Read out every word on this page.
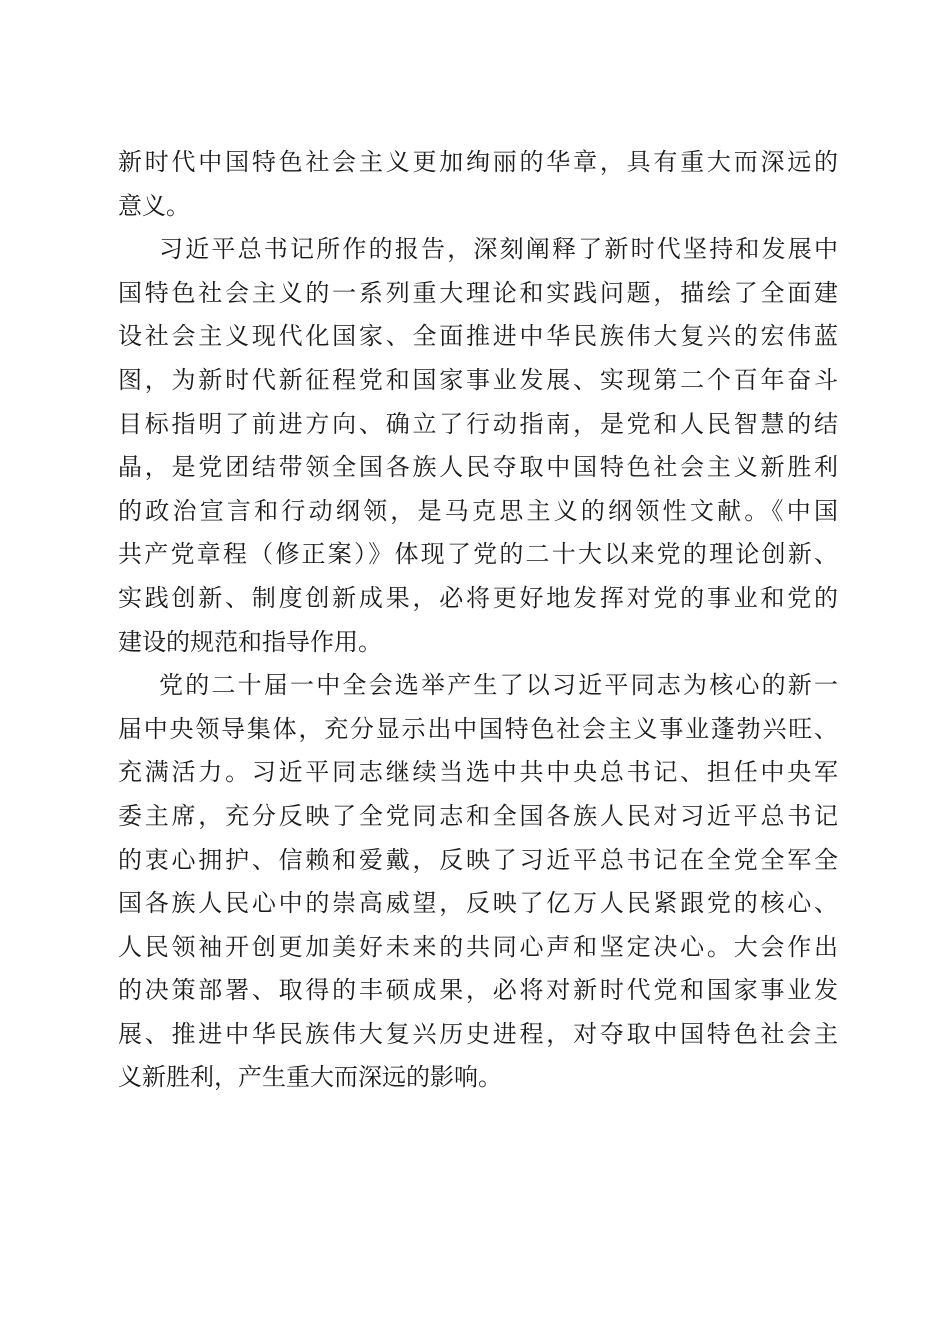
新时代中国特色社会主义更加绚丽的华章，具有重大而深远的
意义。
习近平总书记所作的报告，深刻阐释了新时代坚持和发展中
国特色社会主义的一系列重大理论和实践问题，描绘了全面建
设社会主义现代化国家、全面推进中华民族伟大复兴的宏伟蓝
图，为新时代新征程党和国家事业发展、实现第二个百年奋斗
目标指明了前进方向、确立了行动指南，是党和人民智慧的结
晶，是党团结带领全国各族人民夺取中国特色社会主义新胜利
的政治宣言和行动纲领，是马克思主义的纲领性文献。《中国
共产党章程（修正案）》体现了党的二十大以来党的理论创新、
实践创新、制度创新成果，必将更好地发挥对党的事业和党的
建设的规范和指导作用。
党的二十届一中全会选举产生了以习近平同志为核心的新一
届中央领导集体，充分显示出中国特色社会主义事业蓬勃兴旺、
充满活力。习近平同志继续当选中共中央总书记、担任中央军
委主席，充分反映了全党同志和全国各族人民对习近平总书记
的衷心拥护、信赖和爱戴，反映了习近平总书记在全党全军全
国各族人民心中的崇高威望，反映了亿万人民紧跟党的核心、
人民领袖开创更加美好未来的共同心声和坚定决心。大会作出
的决策部署、取得的丰硕成果，必将对新时代党和国家事业发
展、推进中华民族伟大复兴历史进程，对夺取中国特色社会主
义新胜利，产生重大而深远的影响。
